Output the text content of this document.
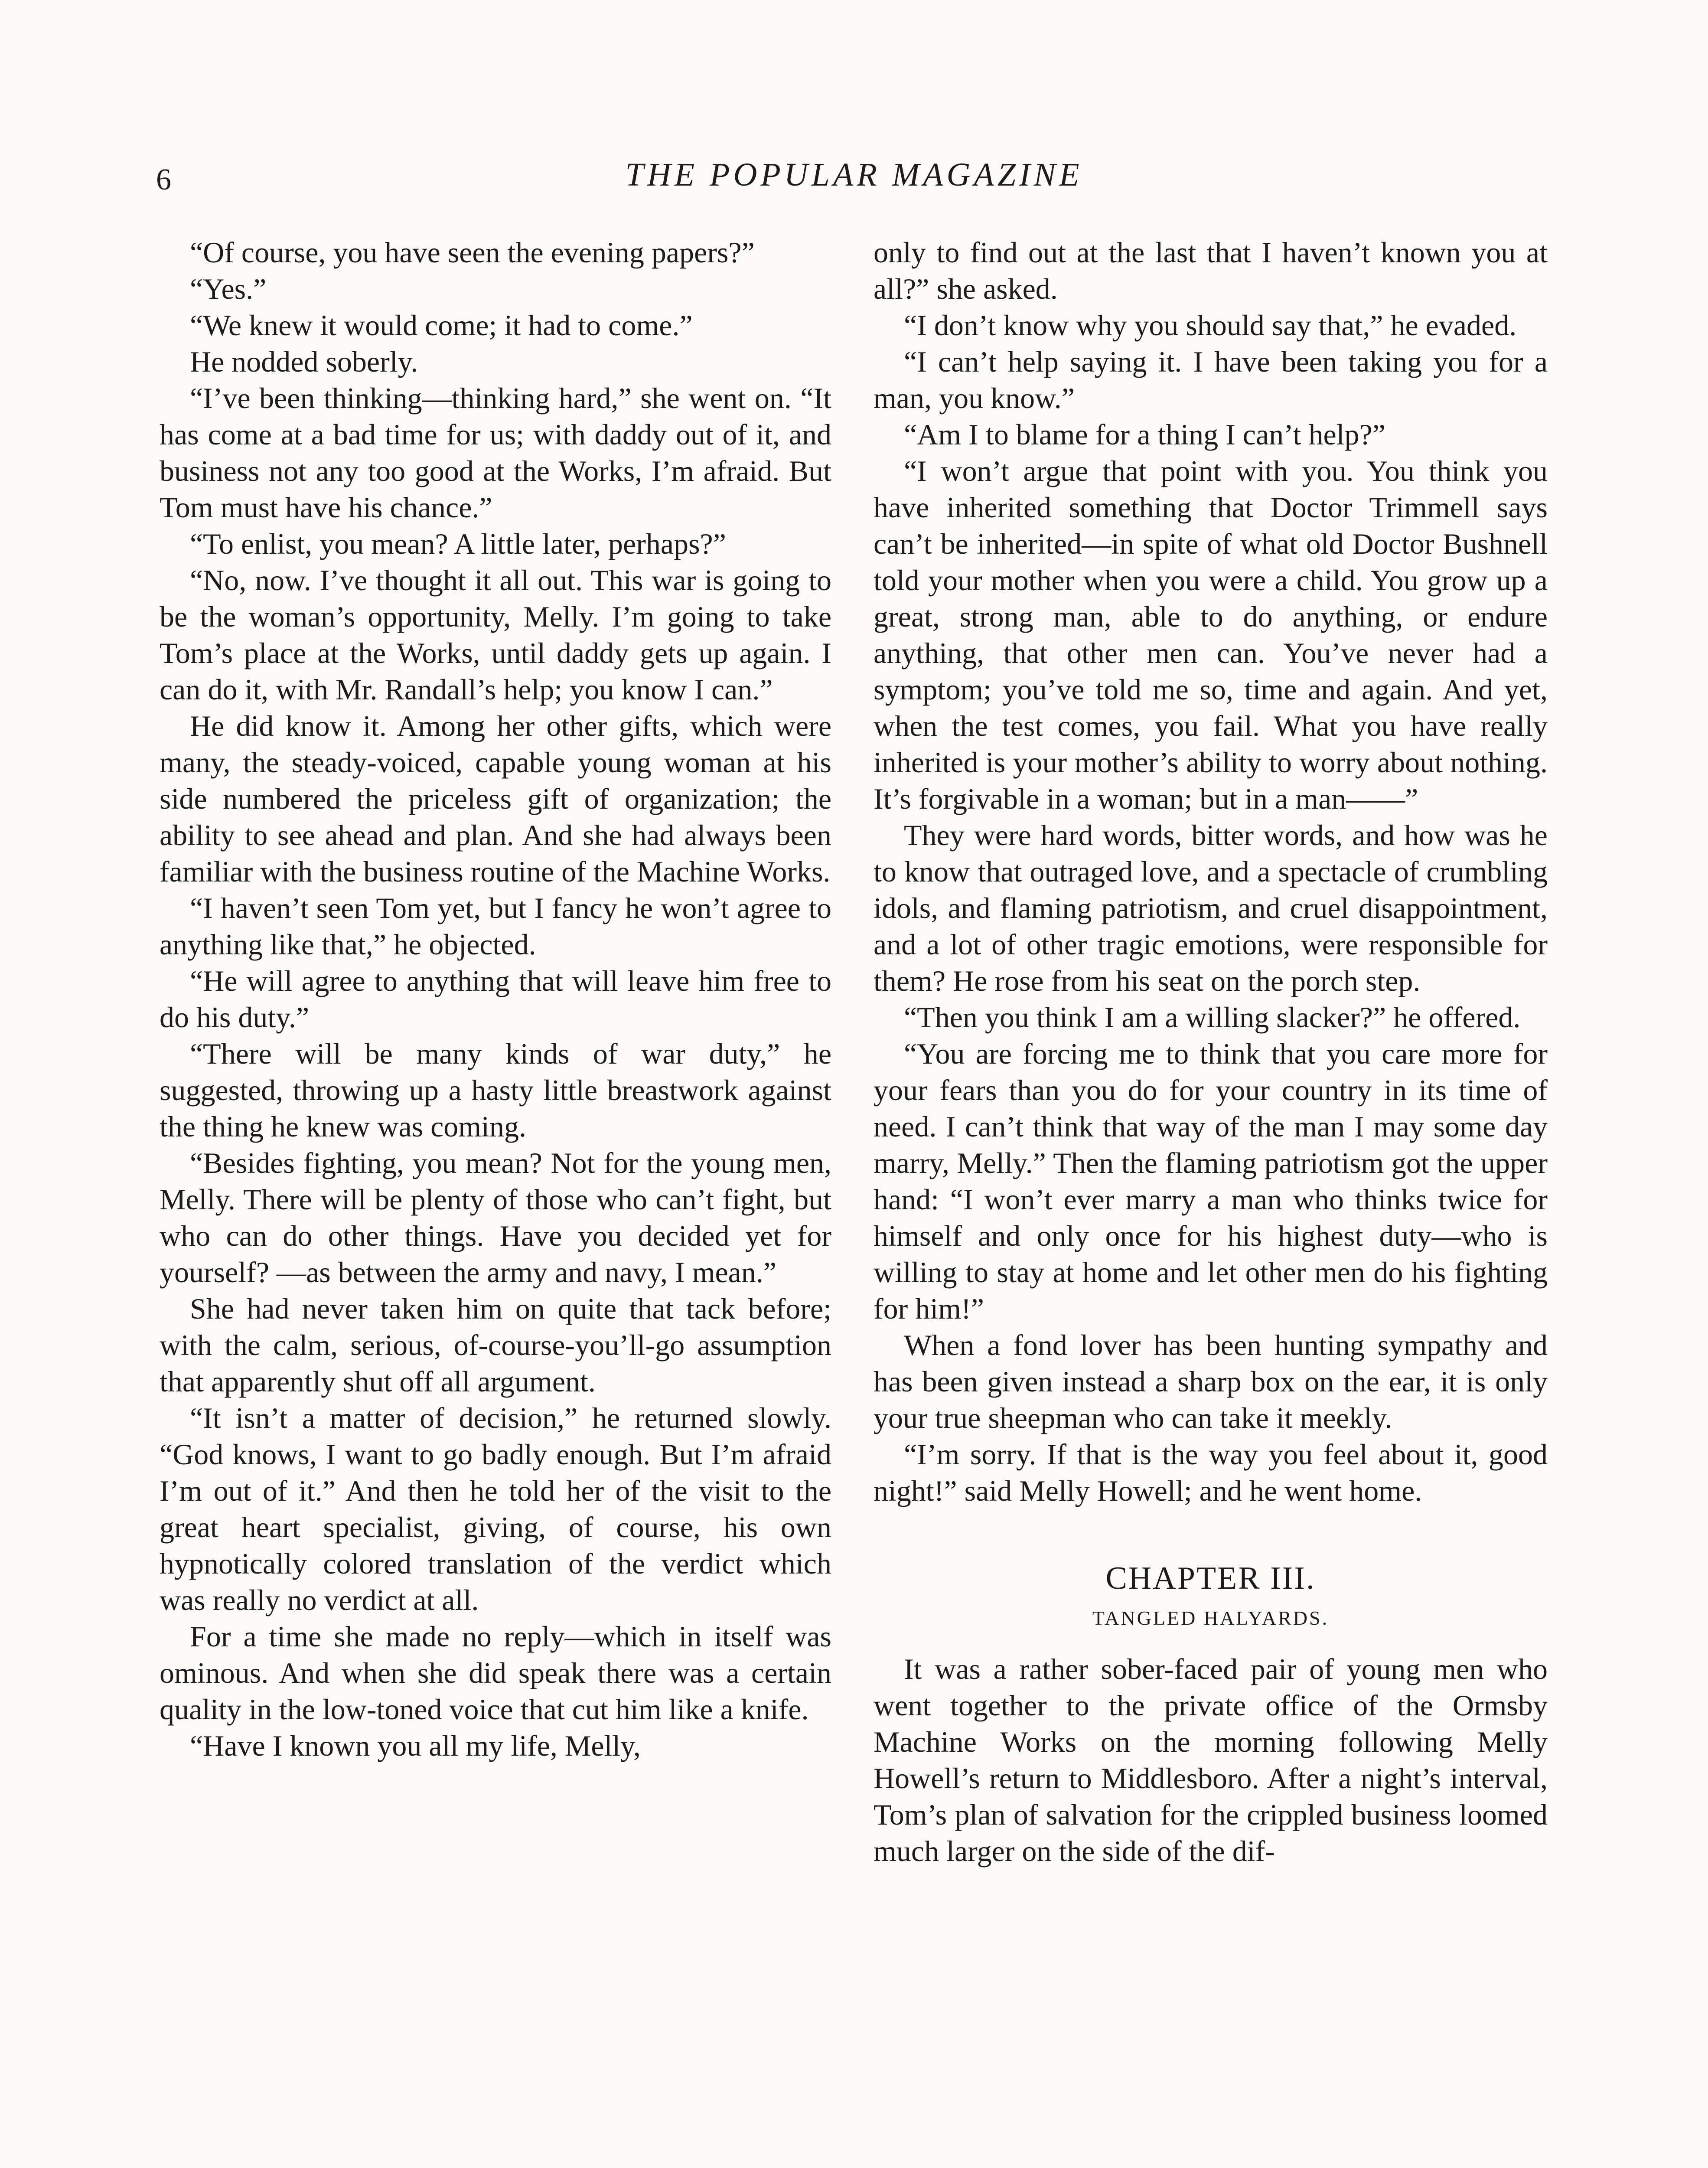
6	THE POPULAR MAGAZINE

“Of course, you have seen the evening papers?”

“Yes.”

“We knew it would come; it had to come.”

He nodded soberly.

“I’ve been thinking—thinking hard,” she went on. “It has come at a bad time for us; with daddy out of it, and business not any too good at the Works, I’m afraid. But Tom must have his chance.”

“To enlist, you mean? A little later, perhaps?”

“No, now. I’ve thought it all out. This war is going to be the woman’s opportunity, Melly. I’m going to take Tom’s place at the Works, until daddy gets up again. I can do it, with Mr. Randall’s help; you know I can.”

He did know it. Among her other gifts, which were many, the steady-voiced, capable young woman at his side numbered the priceless gift of organization; the ability to see ahead and plan. And she had always been familiar with the business routine of the Machine Works.

“I haven’t seen Tom yet, but I fancy he won’t agree to anything like that,” he objected.

“He will agree to anything that will leave him free to do his duty.”

“There will be many kinds of war duty,” he suggested, throwing up a hasty little breastwork against the thing he knew was coming.

“Besides fighting, you mean? Not for the young men, Melly. There will be plenty of those who can’t fight, but who can do other things. Have you decided yet for yourself? —as between the army and navy, I mean.”

She had never taken him on quite that tack before; with the calm, serious, of-course-you’ll-go assumption that apparently shut off all argument.

“It isn’t a matter of decision,” he returned slowly. “God knows, I want to go badly enough. But I’m afraid I’m out of it.” And then he told her of the visit to the great heart specialist, giving, of course, his own hypnotically colored translation of the verdict which was really no verdict at all.

For a time she made no reply—which in itself was ominous. And when she did speak there was a certain quality in the low-toned voice that cut him like a knife.

“Have I known you all my life, Melly,

only to find out at the last that I haven’t known you at all?” she asked.

“I don’t know why you should say that,” he evaded.

“I can’t help saying it. I have been taking you for a man, you know.”

“Am I to blame for a thing I can’t help?”

“I won’t argue that point with you. You think you have inherited something that Doctor Trimmell says can’t be inherited—in spite of what old Doctor Bushnell told your mother when you were a child. You grow up a great, strong man, able to do anything, or endure anything, that other men can. You’ve never had a symptom; you’ve told me so, time and again. And yet, when the test comes, you fail. What you have really inherited is your mother’s ability to worry about nothing. It’s forgivable in a woman; but in a man——”

They were hard words, bitter words, and how was he to know that outraged love, and a spectacle of crumbling idols, and flaming patriotism, and cruel disappointment, and a lot of other tragic emotions, were responsible for them? He rose from his seat on the porch step.

“Then you think I am a willing slacker?” he offered.

“You are forcing me to think that you care more for your fears than you do for your country in its time of need. I can’t think that way of the man I may some day marry, Melly.” Then the flaming patriotism got the upper hand: “I won’t ever marry a man who thinks twice for himself and only once for his highest duty—who is willing to stay at home and let other men do his fighting for him!”

When a fond lover has been hunting sympathy and has been given instead a sharp box on the ear, it is only your true sheepman who can take it meekly.

“I’m sorry. If that is the way you feel about it, good night!” said Melly Howell; and he went home.

CHAPTER III.
TANGLED HALYARDS.

It was a rather sober-faced pair of young men who went together to the private office of the Ormsby Machine Works on the morning following Melly Howell’s return to Middlesboro. After a night’s interval, Tom’s plan of salvation for the crippled business loomed much larger on the side of the dif-
